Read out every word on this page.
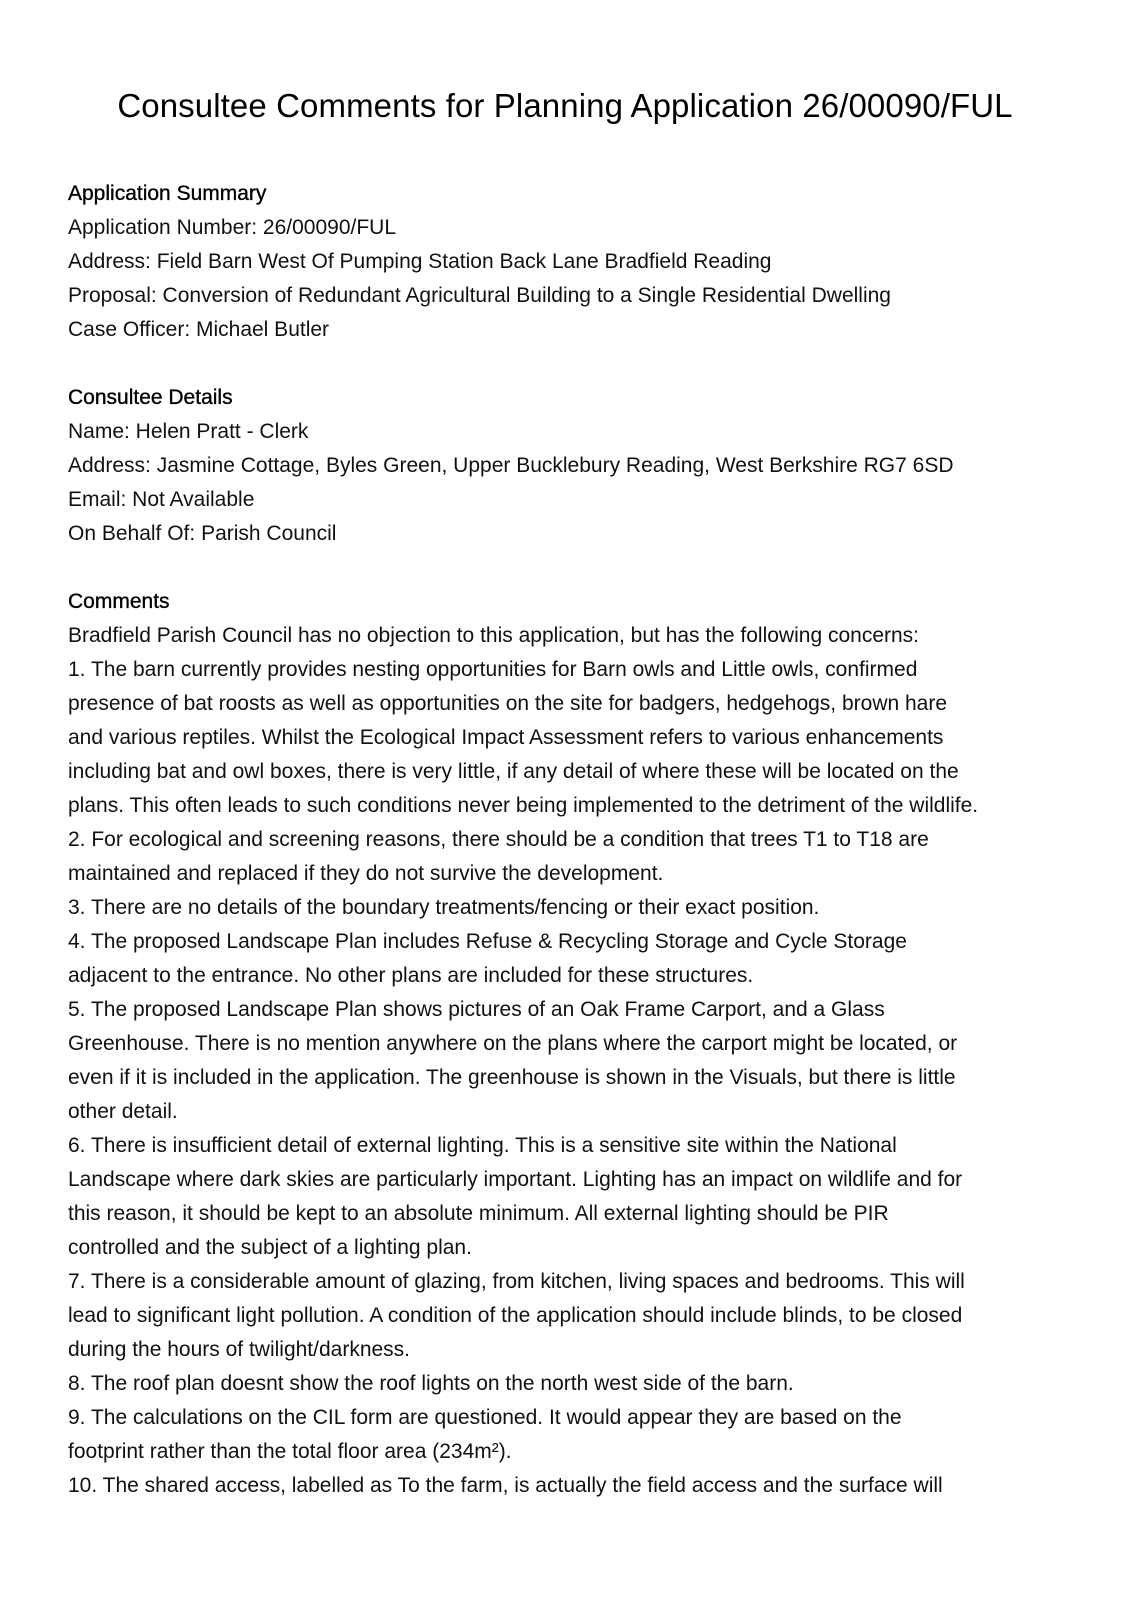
Consultee Comments for Planning Application 26/00090/FUL
Application Summary

Application Number: 26/00090/FUL

Address: Field Barn West Of Pumping Station Back Lane Bradfield Reading

Proposal: Conversion of Redundant Agricultural Building to a Single Residential Dwelling

Case Officer: Michael Butler

Consultee Details

Name: Helen Pratt - Clerk

Address: Jasmine Cottage, Byles Green, Upper Bucklebury Reading, West Berkshire RG7 6SD

Email: Not Available

On Behalf Of: Parish Council

Comments

Bradfield Parish Council has no objection to this application, but has the following concerns:

1. The barn currently provides nesting opportunities for Barn owls and Little owls, confirmed

presence of bat roosts as well as opportunities on the site for badgers, hedgehogs, brown hare

and various reptiles. Whilst the Ecological Impact Assessment refers to various enhancements

including bat and owl boxes, there is very little, if any detail of where these will be located on the

plans. This often leads to such conditions never being implemented to the detriment of the wildlife.

2. For ecological and screening reasons, there should be a condition that trees T1 to T18 are

maintained and replaced if they do not survive the development.

3. There are no details of the boundary treatments/fencing or their exact position.

4. The proposed Landscape Plan includes Refuse & Recycling Storage and Cycle Storage

adjacent to the entrance. No other plans are included for these structures.

5. The proposed Landscape Plan shows pictures of an Oak Frame Carport, and a Glass

Greenhouse. There is no mention anywhere on the plans where the carport might be located, or

even if it is included in the application. The greenhouse is shown in the Visuals, but there is little

other detail.

6. There is insufficient detail of external lighting. This is a sensitive site within the National

Landscape where dark skies are particularly important. Lighting has an impact on wildlife and for

this reason, it should be kept to an absolute minimum. All external lighting should be PIR

controlled and the subject of a lighting plan.

7. There is a considerable amount of glazing, from kitchen, living spaces and bedrooms. This will

lead to significant light pollution. A condition of the application should include blinds, to be closed

during the hours of twilight/darkness.

8. The roof plan doesnt show the roof lights on the north west side of the barn.

9. The calculations on the CIL form are questioned. It would appear they are based on the

footprint rather than the total floor area (234m²).

10. The shared access, labelled as To the farm, is actually the field access and the surface will
